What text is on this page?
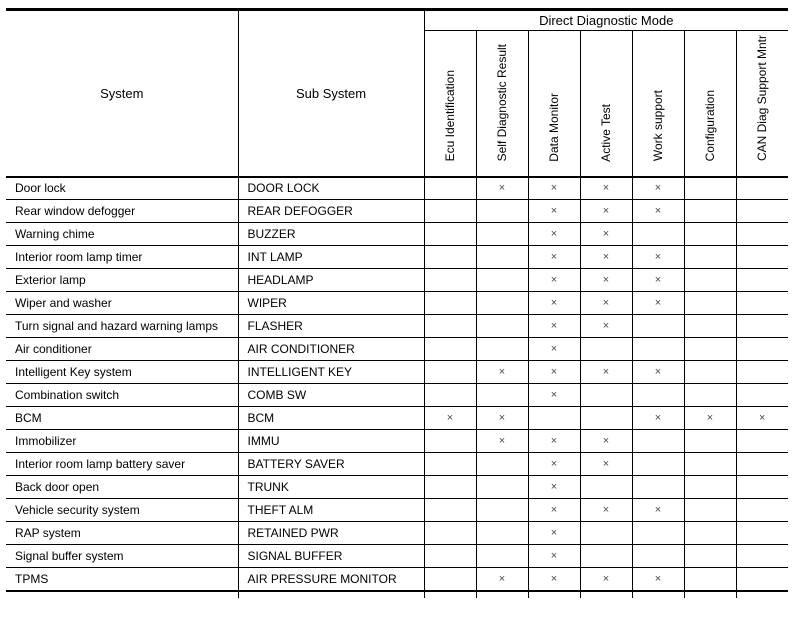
System	Sub System	Direct Diagnostic Mode						
		Ecu Identification	Self Diagnostic Result	Data Monitor	Active Test	Work support	Configuration	CAN Diag Support Mntr
Door lock	DOOR LOCK		×	×	×	×		
Rear window defogger	REAR DEFOGGER			×	×	×		
Warning chime	BUZZER			×	×			
Interior room lamp timer	INT LAMP			×	×	×		
Exterior lamp	HEADLAMP			×	×	×		
Wiper and washer	WIPER			×	×	×		
Turn signal and hazard warning lamps	FLASHER			×	×			
Air conditioner	AIR CONDITIONER			×				
Intelligent Key system	INTELLIGENT KEY		×	×	×	×		
Combination switch	COMB SW			×				
BCM	BCM	×	×			×	×	×
Immobilizer	IMMU		×	×	×			
Interior room lamp battery saver	BATTERY SAVER			×	×			
Back door open	TRUNK			×				
Vehicle security system	THEFT ALM			×	×	×		
RAP system	RETAINED PWR			×				
Signal buffer system	SIGNAL BUFFER			×				
TPMS	AIR PRESSURE MONITOR		×	×	×	×		
